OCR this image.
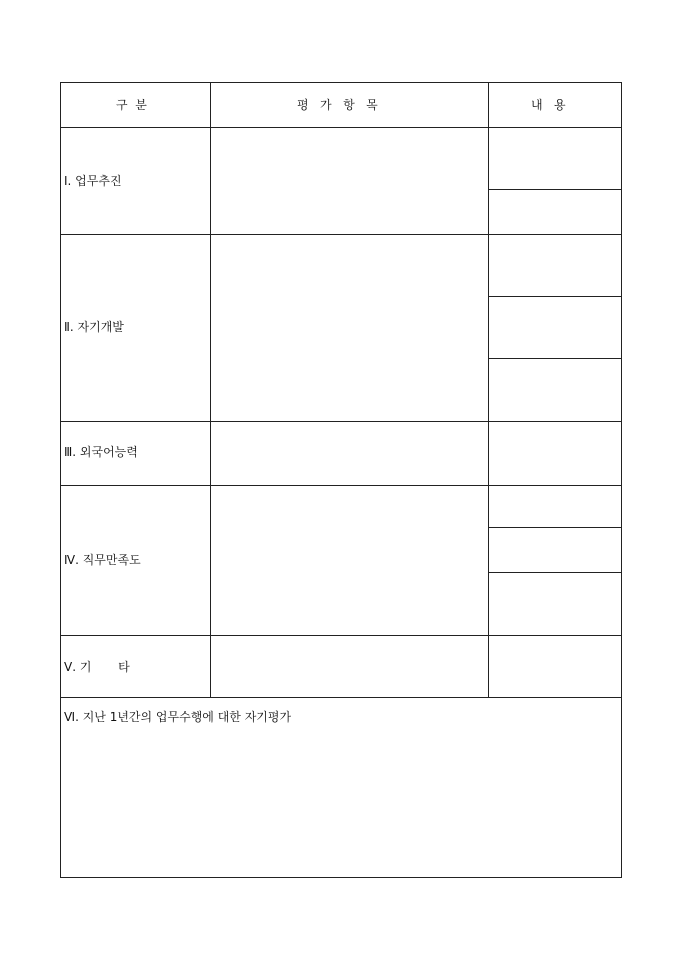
구  분	평   가   항   목	내   용
Ⅰ. 업무추진
Ⅱ. 자기개발
Ⅲ. 외국어능력
Ⅳ. 직무만족도
Ⅴ. 기       타
Ⅵ. 지난 1년간의 업무수행에 대한 자기평가
